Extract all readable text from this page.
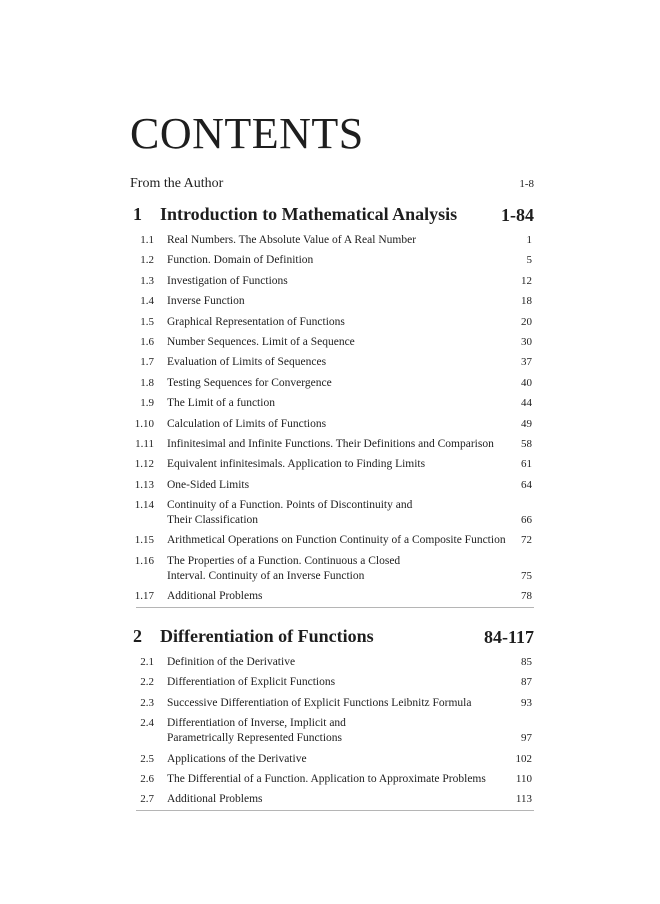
CONTENTS
From the Author	1-8
1 Introduction to Mathematical Analysis 1-84
1.1 Real Numbers. The Absolute Value of A Real Number	1
1.2 Function. Domain of Definition	5
1.3 Investigation of Functions	12
1.4 Inverse Function	18
1.5 Graphical Representation of Functions	20
1.6 Number Sequences. Limit of a Sequence	30
1.7 Evaluation of Limits of Sequences	37
1.8 Testing Sequences for Convergence	40
1.9 The Limit of a function	44
1.10 Calculation of Limits of Functions	49
1.11 Infinitesimal and Infinite Functions. Their Definitions and Comparison	58
1.12 Equivalent infinitesimals. Application to Finding Limits	61
1.13 One-Sided Limits	64
1.14 Continuity of a Function. Points of Discontinuity and
Their Classification	66
1.15 Arithmetical Operations on Function Continuity of a Composite Function 72
1.16 The Properties of a Function. Continuous a Closed
Interval. Continuity of an Inverse Function	75
1.17 Additional Problems	78
2 Differentiation of Functions	84-117
2.1 Definition of the Derivative	85
2.2 Differentiation of Explicit Functions	87
2.3 Successive Differentiation of Explicit Functions Leibnitz Formula	93
2.4 Differentiation of Inverse, Implicit and
Parametrically Represented Functions	97
2.5 Applications of the Derivative	102
2.6 The Differential of a Function. Application to Approximate Problems	110
2.7 Additional Problems	113
